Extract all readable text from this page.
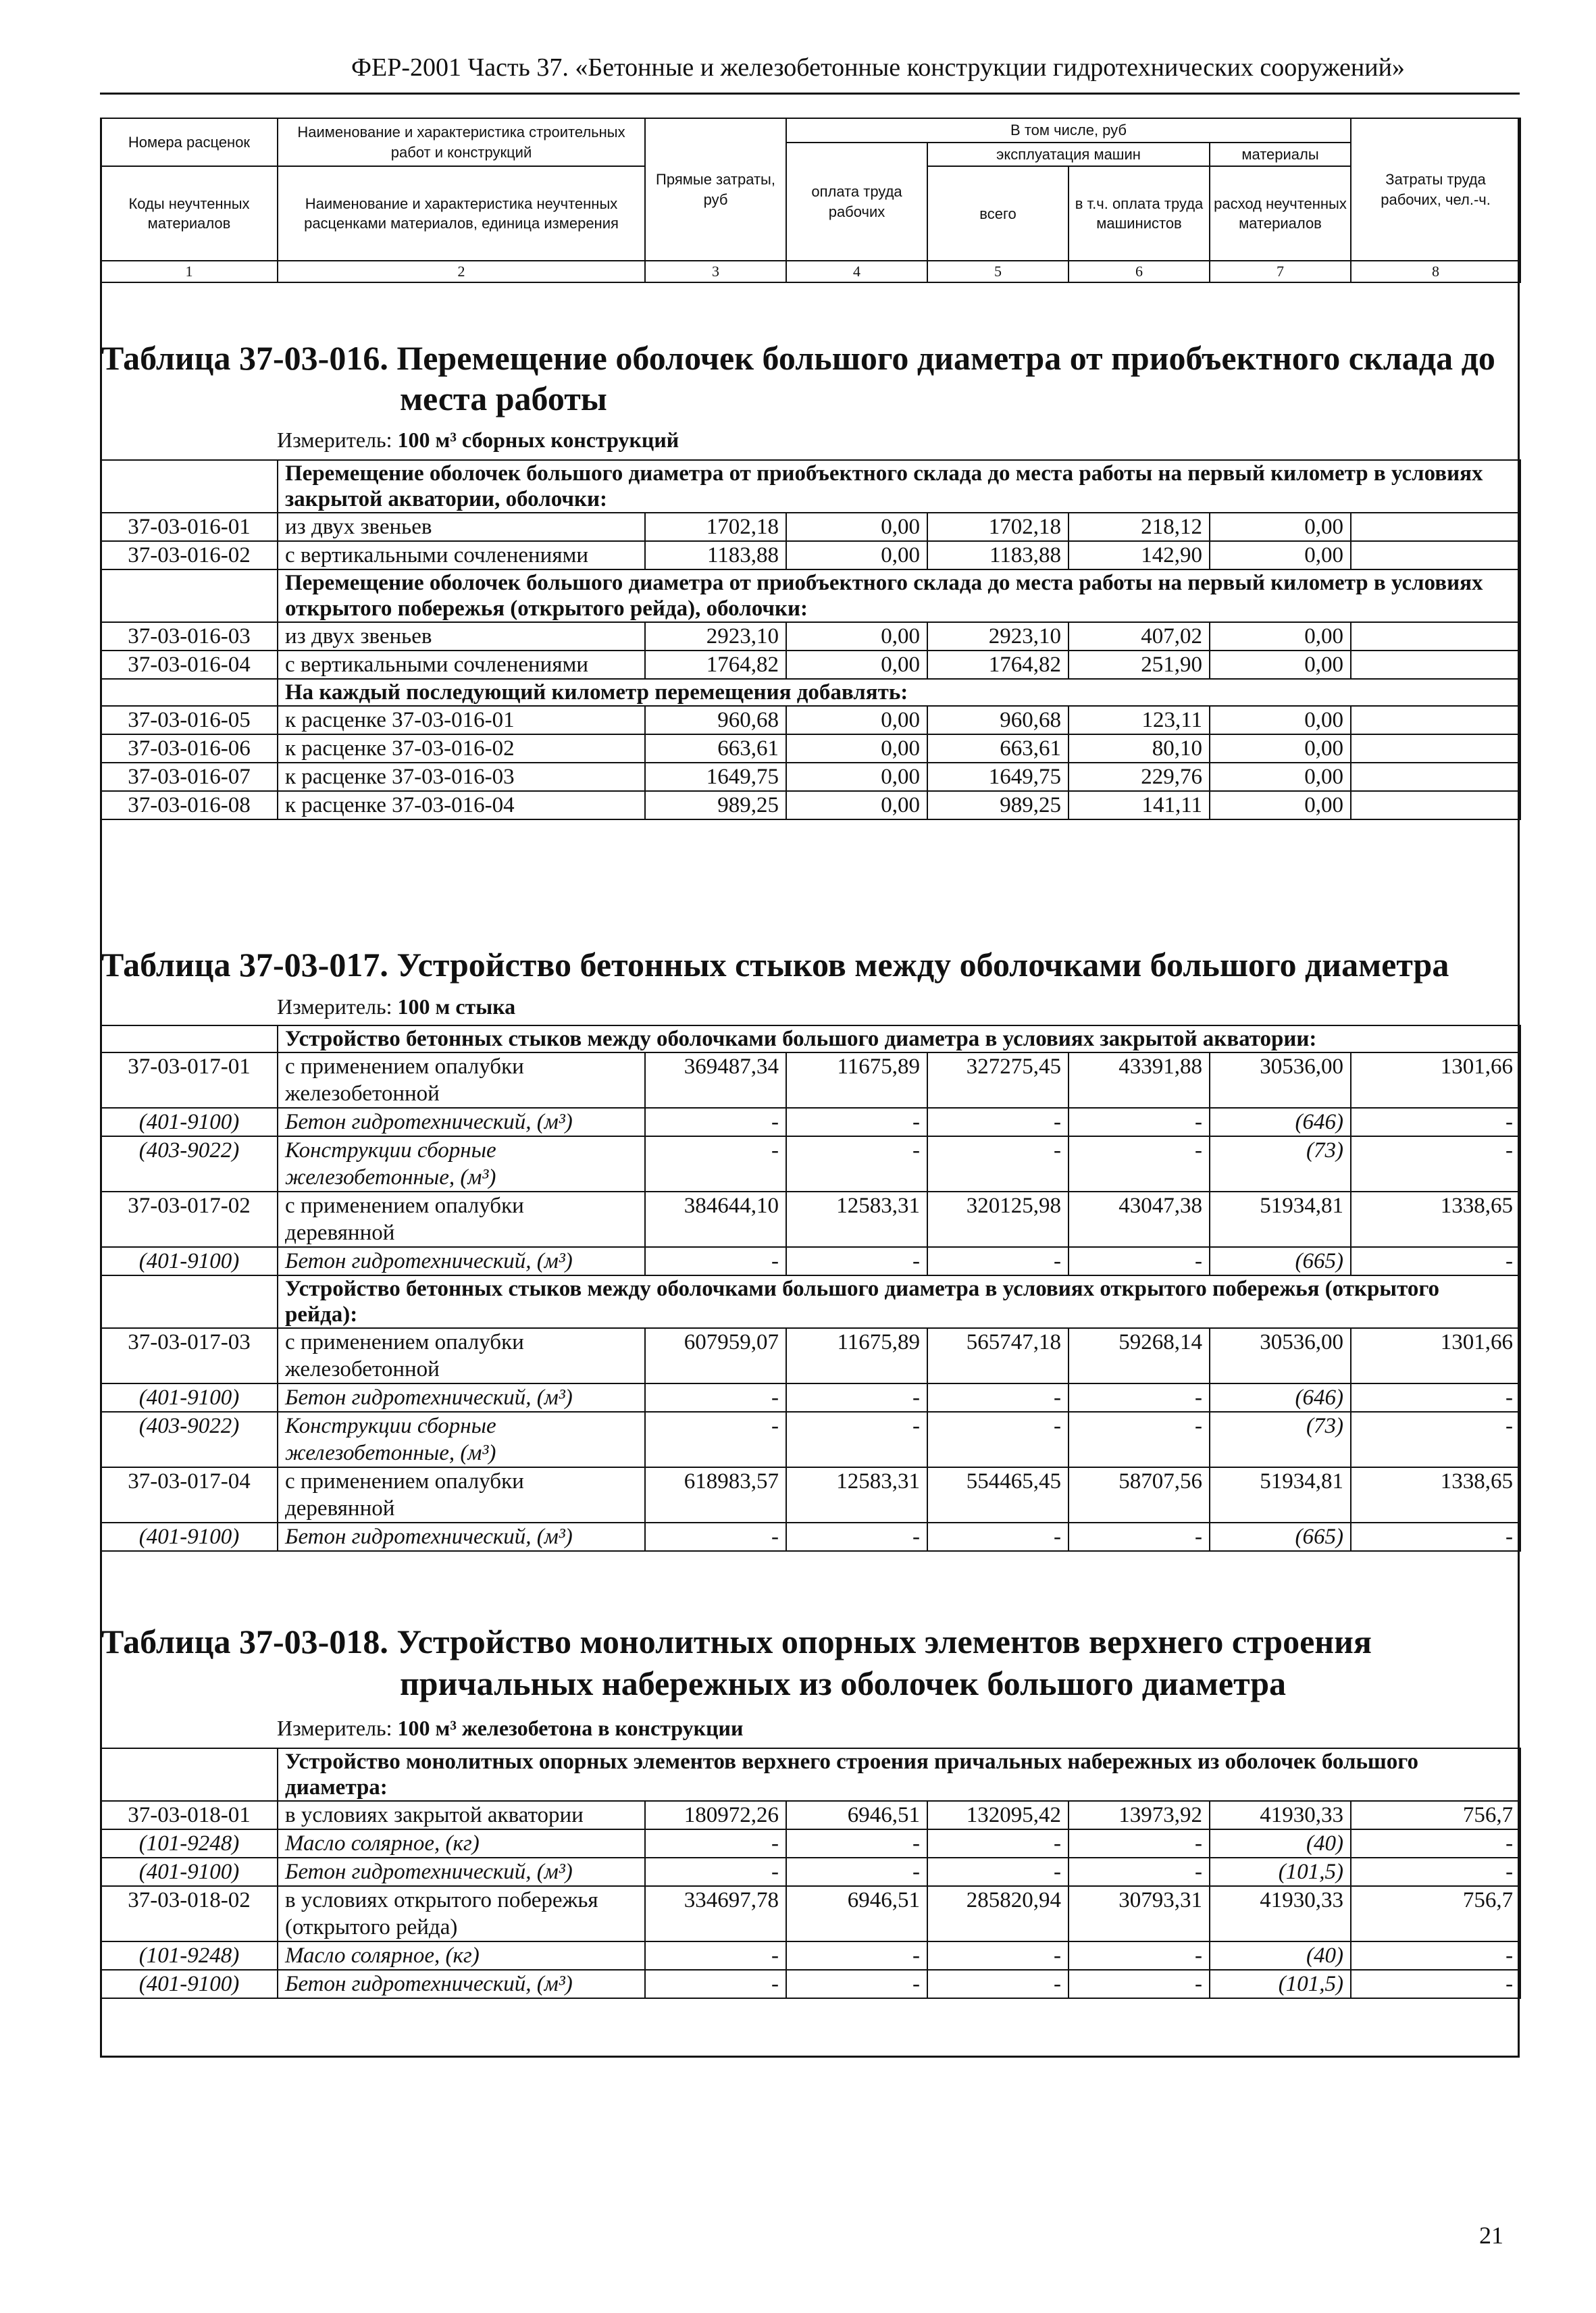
ФЕР-2001 Часть 37. «Бетонные и железобетонные конструкции гидротехнических сооружений»
Номера расценок	Наименование и характеристика строительных работ и конструкций	Прямые затраты, руб	В том числе, руб				Затраты труда рабочих, чел.-ч.
			оплата труда рабочих	эксплуатация машин		материалы	
Коды неучтенных материалов	Наименование и характеристика неучтенных расценками материалов, единица измерения			всего	в т.ч. оплата труда машинистов	расход неучтенных материалов	

1	2	3	4	5	6	7	8
Таблица 37-03-016. Перемещение оболочек большого диаметра от приобъектного склада до
места работы
Измеритель: 100 м³ сборных конструкций
	Перемещение оболочек большого диаметра от приобъектного склада до места работы на первый километр в условиях закрытой акватории, оболочки:						
37-03-016-01	из двух звеньев	1702,18	0,00	1702,18	218,12	0,00	
37-03-016-02	с вертикальными сочленениями	1183,88	0,00	1183,88	142,90	0,00	
	Перемещение оболочек большого диаметра от приобъектного склада до места работы на первый километр в условиях открытого побережья (открытого рейда), оболочки:						
37-03-016-03	из двух звеньев	2923,10	0,00	2923,10	407,02	0,00	
37-03-016-04	с вертикальными сочленениями	1764,82	0,00	1764,82	251,90	0,00	
	На каждый последующий километр перемещения добавлять:						
37-03-016-05	к расценке 37-03-016-01	960,68	0,00	960,68	123,11	0,00	
37-03-016-06	к расценке 37-03-016-02	663,61	0,00	663,61	80,10	0,00	
37-03-016-07	к расценке 37-03-016-03	1649,75	0,00	1649,75	229,76	0,00	
37-03-016-08	к расценке 37-03-016-04	989,25	0,00	989,25	141,11	0,00	
Таблица 37-03-017. Устройство бетонных стыков между оболочками большого диаметра
Измеритель: 100 м стыка
	Устройство бетонных стыков между оболочками большого диаметра в условиях закрытой акватории:						
37-03-017-01	с применением опалубки железобетонной	369487,34	11675,89	327275,45	43391,88	30536,00	1301,66
(401-9100)	Бетон гидротехнический, (м³)	-	-	-	-	(646)	-
(403-9022)	Конструкции сборные железобетонные, (м³)	-	-	-	-	(73)	-
37-03-017-02	с применением опалубки деревянной	384644,10	12583,31	320125,98	43047,38	51934,81	1338,65
(401-9100)	Бетон гидротехнический, (м³)	-	-	-	-	(665)	-
	Устройство бетонных стыков между оболочками большого диаметра в условиях открытого побережья (открытого рейда):						
37-03-017-03	с применением опалубки железобетонной	607959,07	11675,89	565747,18	59268,14	30536,00	1301,66
(401-9100)	Бетон гидротехнический, (м³)	-	-	-	-	(646)	-
(403-9022)	Конструкции сборные железобетонные, (м³)	-	-	-	-	(73)	-
37-03-017-04	с применением опалубки деревянной	618983,57	12583,31	554465,45	58707,56	51934,81	1338,65
(401-9100)	Бетон гидротехнический, (м³)	-	-	-	-	(665)	-
Таблица 37-03-018. Устройство монолитных опорных элементов верхнего строения
причальных набережных из оболочек большого диаметра
Измеритель: 100 м³ железобетона в конструкции
	Устройство монолитных опорных элементов верхнего строения причальных набережных из оболочек большого диаметра:						
37-03-018-01	в условиях закрытой акватории	180972,26	6946,51	132095,42	13973,92	41930,33	756,7
(101-9248)	Масло солярное, (кг)	-	-	-	-	(40)	-
(401-9100)	Бетон гидротехнический, (м³)	-	-	-	-	(101,5)	-
37-03-018-02	в условиях открытого побережья (открытого рейда)	334697,78	6946,51	285820,94	30793,31	41930,33	756,7
(101-9248)	Масло солярное, (кг)	-	-	-	-	(40)	-
(401-9100)	Бетон гидротехнический, (м³)	-	-	-	-	(101,5)	-
21
